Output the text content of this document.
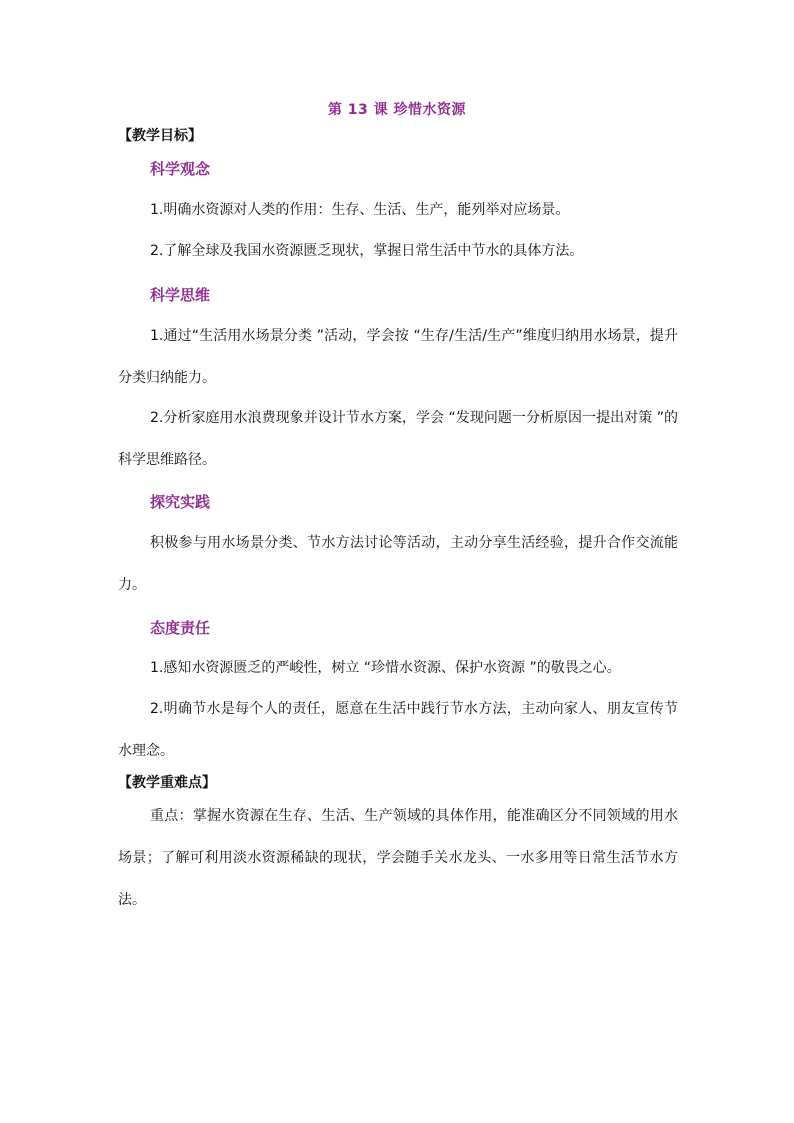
第 13 课 珍惜水资源
【教学目标】
科学观念
1.明确水资源对人类的作用：生存、生活、生产，能列举对应场景。
2.了解全球及我国水资源匮乏现状，掌握日常生活中节水的具体方法。
科学思维
1.通过“生活用水场景分类 ”活动，学会按 “生存/生活/生产”维度归纳用水场景，提升分类归纳能力。
2.分析家庭用水浪费现象并设计节水方案，学会 “发现问题一分析原因一提出对策 ”的科学思维路径。
探究实践
积极参与用水场景分类、节水方法讨论等活动，主动分享生活经验，提升合作交流能力。
态度责任
1.感知水资源匮乏的严峻性，树立 “珍惜水资源、保护水资源 ”的敬畏之心。
2.明确节水是每个人的责任，愿意在生活中践行节水方法，主动向家人、朋友宣传节水理念。
【教学重难点】
重点：掌握水资源在生存、生活、生产领域的具体作用，能准确区分不同领域的用水场景；了解可利用淡水资源稀缺的现状，学会随手关水龙头、一水多用等日常生活节水方法。
